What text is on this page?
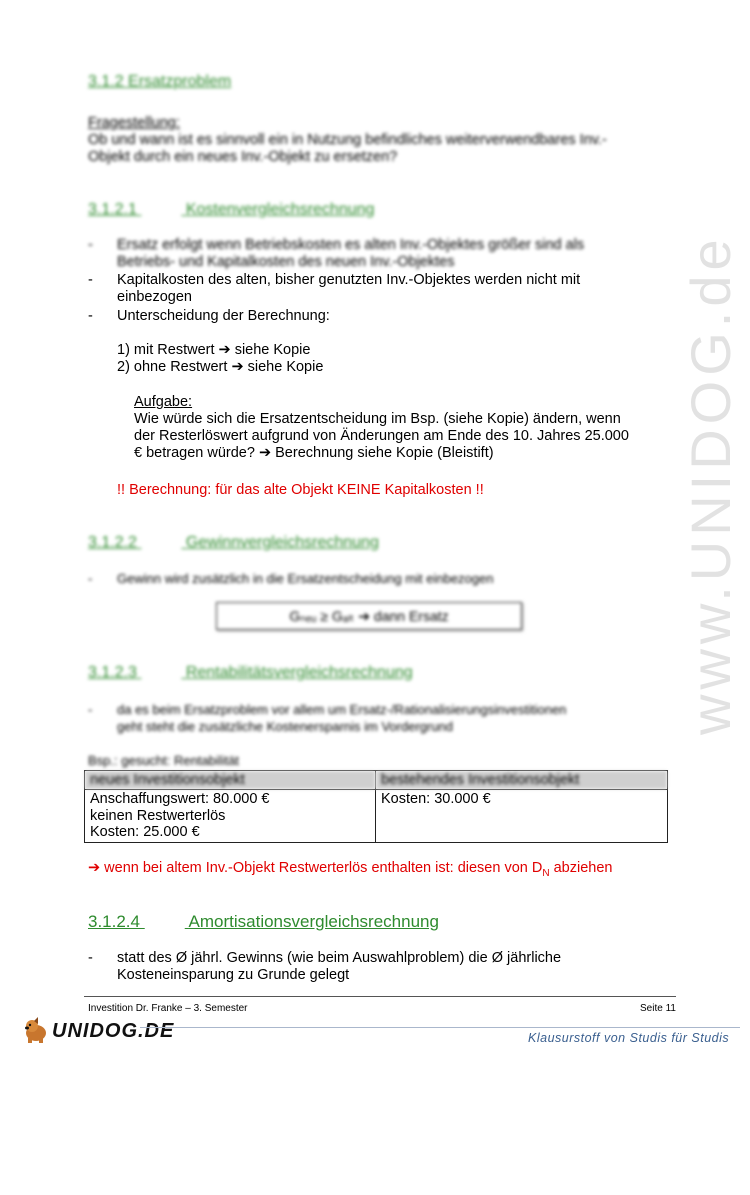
3.1.2 Ersatzproblem
Fragestellung:
Ob und wann ist es sinnvoll ein in Nutzung befindliches weiterverwendbares Inv.-
Objekt durch ein neues Inv.-Objekt zu ersetzen?
3.1.2.1	Kostenvergleichsrechnung
- Ersatz erfolgt wenn Betriebskosten es alten Inv.-Objektes größer sind als
Betriebs- und Kapitalkosten des neuen Inv.-Objektes
- Kapitalkosten des alten, bisher genutzten Inv.-Objektes werden nicht mit
einbezogen
- Unterscheidung der Berechnung:
1) mit Restwert ➔ siehe Kopie
2) ohne Restwert ➔ siehe Kopie
Aufgabe:
Wie würde sich die Ersatzentscheidung im Bsp. (siehe Kopie) ändern, wenn
der Resterlöswert aufgrund von Änderungen am Ende des 10. Jahres 25.000
€ betragen würde? ➔ Berechnung siehe Kopie (Bleistift)
!! Berechnung: für das alte Objekt KEINE Kapitalkosten !!
3.1.2.2	Gewinnvergleichsrechnung
- Gewinn wird zusätzlich in die Ersatzentscheidung mit einbezogen
Gₙₑᵤ ≥ Gₐₗₜ ➔ dann Ersatz
3.1.2.3	Rentabilitätsvergleichsrechnung
- da es beim Ersatzproblem vor allem um Ersatz-/Rationalisierungsinvestitionen
geht steht die zusätzliche Kostenersparnis im Vordergrund
Bsp.: gesucht: Rentabilität
neues Investitionsobjekt	bestehendes Investitionsobjekt

Anschaffungswert: 80.000 €
keinen Restwerterlös
Kosten: 25.000 €	Kosten: 30.000 €
➔ wenn bei altem Inv.-Objekt Restwerterlös enthalten ist: diesen von $D_N$ abziehen
3.1.2.4	Amortisationsvergleichsrechnung
- statt des Ø jährl. Gewinns (wie beim Auswahlproblem) die Ø jährliche
Kosteneinsparung zu Grunde gelegt
Investition Dr. Franke – 3. Semester	Seite 11
www.UNIDOG.de
UNIDOG.DE	Klausurstoff von Studis für Studis
